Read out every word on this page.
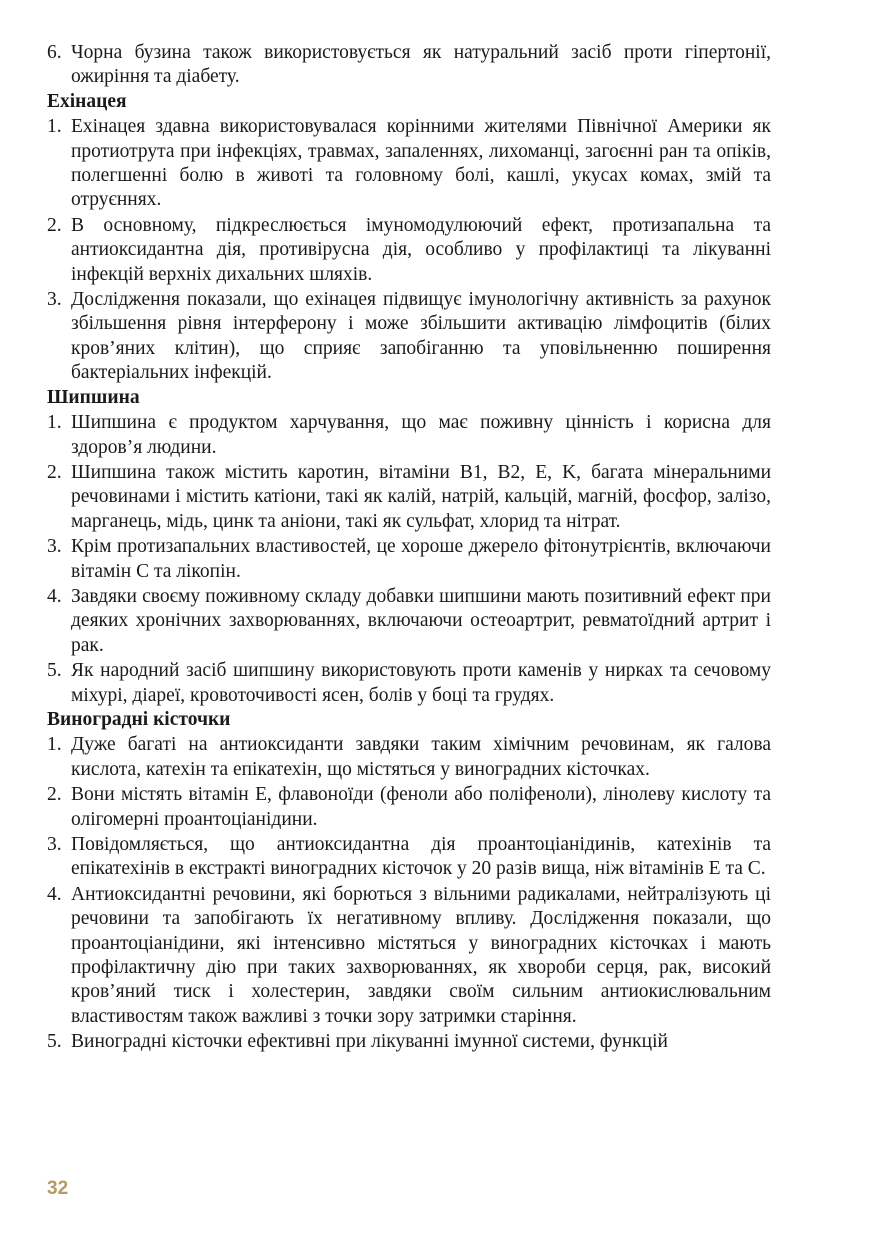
6. Чорна бузина також використовується як натуральний засіб проти гіпертонії, ожиріння та діабету.
Ехінацея
1. Ехінацея здавна використовувалася корінними жителями Північної Америки як протиотрута при інфекціях, травмах, запаленнях, лихоманці, загоєнні ран та опіків, полегшенні болю в животі та головному болі, кашлі, укусах комах, змій та отруєннях.
2. В основному, підкреслюється імуномодулюючий ефект, протизапальна та антиоксидантна дія, противірусна дія, особливо у профілактиці та лікуванні інфекцій верхніх дихальних шляхів.
3. Дослідження показали, що ехінацея підвищує імунологічну активність за рахунок збільшення рівня інтерферону і може збільшити активацію лімфоцитів (білих кров’яних клітин), що сприяє запобіганню та уповільненню поширення бактеріальних інфекцій.
Шипшина
1. Шипшина є продуктом харчування, що має поживну цінність і корисна для здоров’я людини.
2. Шипшина також містить каротин, вітаміни B1, B2, E, K, багата мінеральними речовинами і містить катіони, такі як калій, натрій, кальцій, магній, фосфор, залізо, марганець, мідь, цинк та аніони, такі як сульфат, хлорид та нітрат.
3. Крім протизапальних властивостей, це хороше джерело фітонутрієнтів, включаючи вітамін С та лікопін.
4. Завдяки своєму поживному складу добавки шипшини мають позитивний ефект при деяких хронічних захворюваннях, включаючи остеоартрит, ревматоїдний артрит і рак.
5. Як народний засіб шипшину використовують проти каменів у нирках та сечовому міхурі, діареї, кровоточивості ясен, болів у боці та грудях.
Виноградні кісточки
1. Дуже багаті на антиоксиданти завдяки таким хімічним речовинам, як галова кислота, катехін та епікатехін, що містяться у виноградних кісточках.
2. Вони містять вітамін E, флавоноїди (феноли або поліфеноли), лінолеву кислоту та олігомерні проантоціанідини.
3. Повідомляється, що антиоксидантна дія проантоціанідинів, катехінів та епікатехінів в екстракті виноградних кісточок у 20 разів вища, ніж вітамінів E та C.
4. Антиоксидантні речовини, які борються з вільними радикалами, нейтралізують ці речовини та запобігають їх негативному впливу. Дослідження показали, що проантоціанідини, які інтенсивно містяться у виноградних кісточках і мають профілактичну дію при таких захворюваннях, як хвороби серця, рак, високий кров’яний тиск і холестерин, завдяки своїм сильним антиокислювальним властивостям також важливі з точки зору затримки старіння.
5. Виноградні кісточки ефективні при лікуванні імунної системи, функцій
32
